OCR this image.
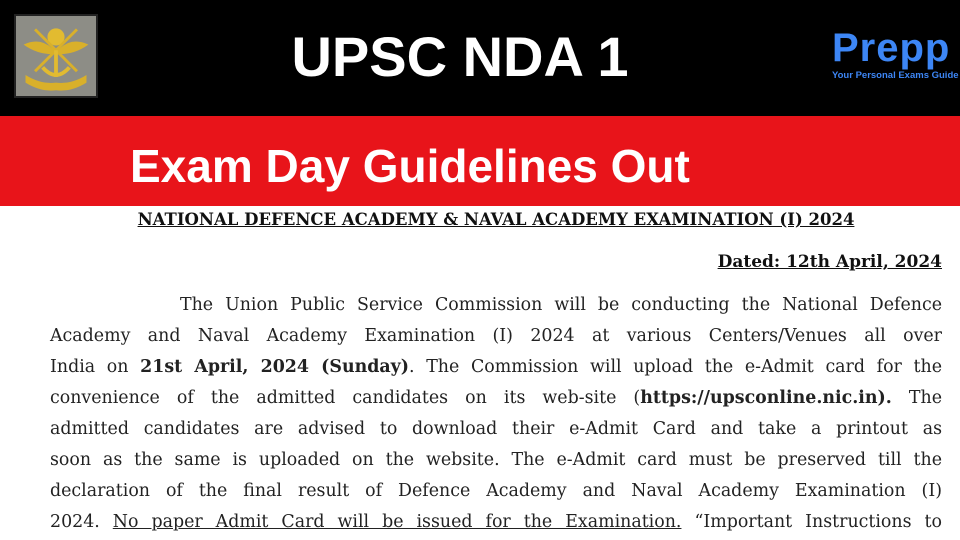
UPSC NDA 1	Prepp
Your Personal Exams Guide
Exam Day Guidelines Out
NATIONAL DEFENCE ACADEMY & NAVAL ACADEMY EXAMINATION (I) 2024
Dated: 12th April, 2024
The Union Public Service Commission will be conducting the National Defence
Academy and Naval Academy Examination (I) 2024 at various Centers/Venues all over
India on 21st April, 2024 (Sunday). The Commission will upload the e-Admit card for the
convenience of the admitted candidates on its web-site (https://upsconline.nic.in). The
admitted candidates are advised to download their e-Admit Card and take a printout as
soon as the same is uploaded on the website. The e-Admit card must be preserved till the
declaration of the final result of Defence Academy and Naval Academy Examination (I)
2024. No paper Admit Card will be issued for the Examination. “Important Instructions to
